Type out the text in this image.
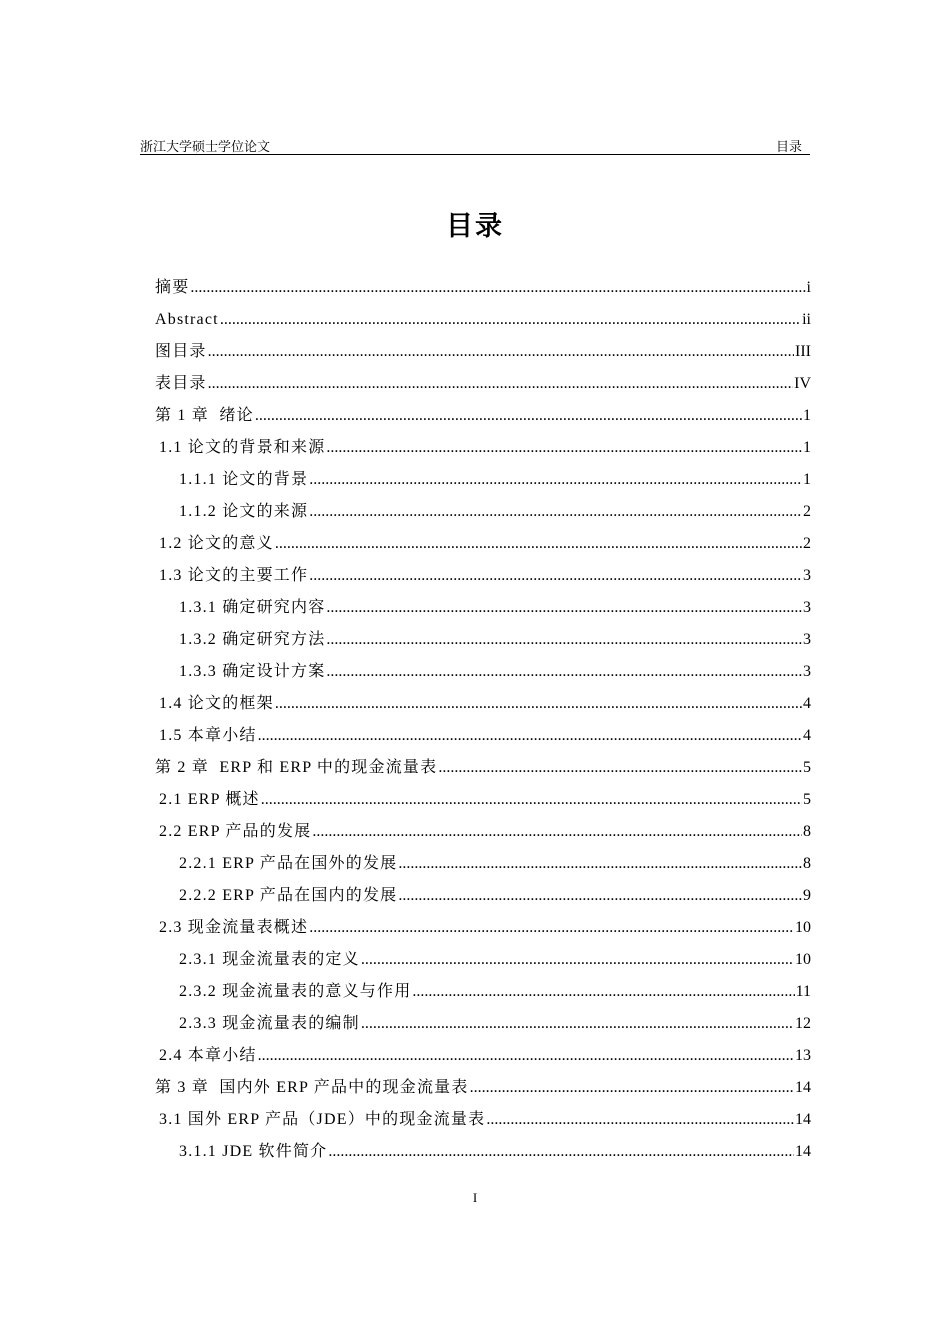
浙江大学硕士学位论文	目录
目录
摘要 .....	i
Abstract .....	ii
图目录 .....	III
表目录 .....	IV
第 1 章  绪论 .....	1
1.1 论文的背景和来源 .....	1
1.1.1 论文的背景 .....	1
1.1.2 论文的来源 .....	2
1.2 论文的意义 .....	2
1.3 论文的主要工作 .....	3
1.3.1 确定研究内容 .....	3
1.3.2 确定研究方法 .....	3
1.3.3 确定设计方案 .....	3
1.4 论文的框架 .....	4
1.5 本章小结 .....	4
第 2 章  ERP 和 ERP 中的现金流量表 .....	5
2.1 ERP 概述 .....	5
2.2 ERP 产品的发展 .....	8
2.2.1 ERP 产品在国外的发展 .....	8
2.2.2 ERP 产品在国内的发展 .....	9
2.3 现金流量表概述 .....	10
2.3.1 现金流量表的定义 .....	10
2.3.2 现金流量表的意义与作用 .....	11
2.3.3 现金流量表的编制 .....	12
2.4 本章小结 .....	13
第 3 章  国内外 ERP 产品中的现金流量表 .....	14
3.1 国外 ERP 产品（JDE）中的现金流量表 .....	14
3.1.1 JDE 软件简介 .....	14
I
